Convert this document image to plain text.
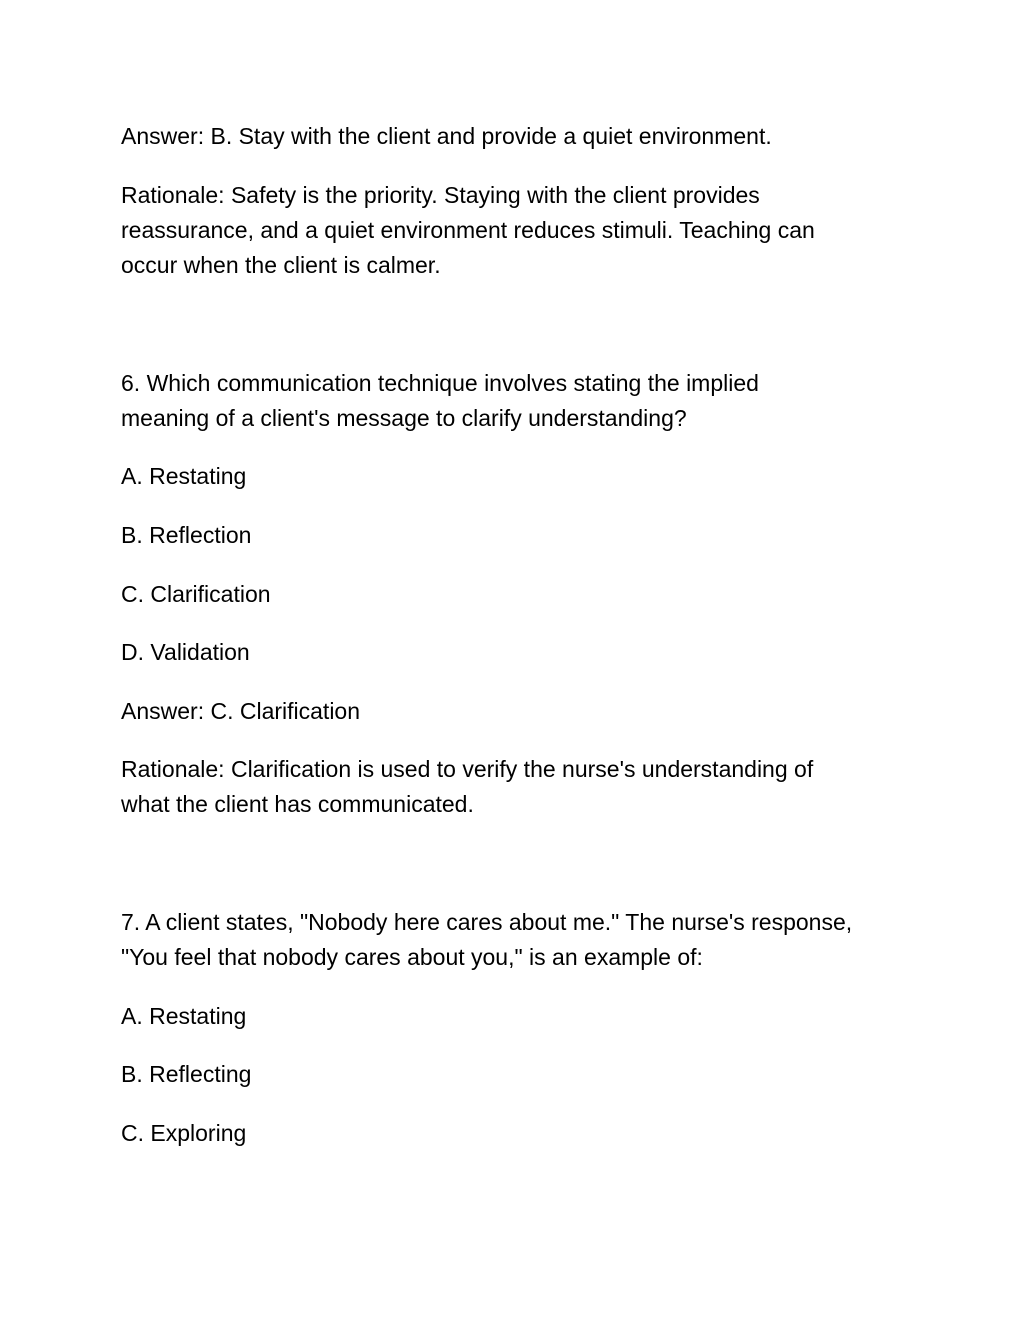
Answer: B. Stay with the client and provide a quiet environment.

Rationale: Safety is the priority. Staying with the client provides

reassurance, and a quiet environment reduces stimuli. Teaching can

occur when the client is calmer.

6. Which communication technique involves stating the implied

meaning of a client's message to clarify understanding?

A. Restating

B. Reflection

C. Clarification

D. Validation

Answer: C. Clarification

Rationale: Clarification is used to verify the nurse's understanding of

what the client has communicated.

7. A client states, "Nobody here cares about me." The nurse's response,

"You feel that nobody cares about you," is an example of:

A. Restating

B. Reflecting

C. Exploring
